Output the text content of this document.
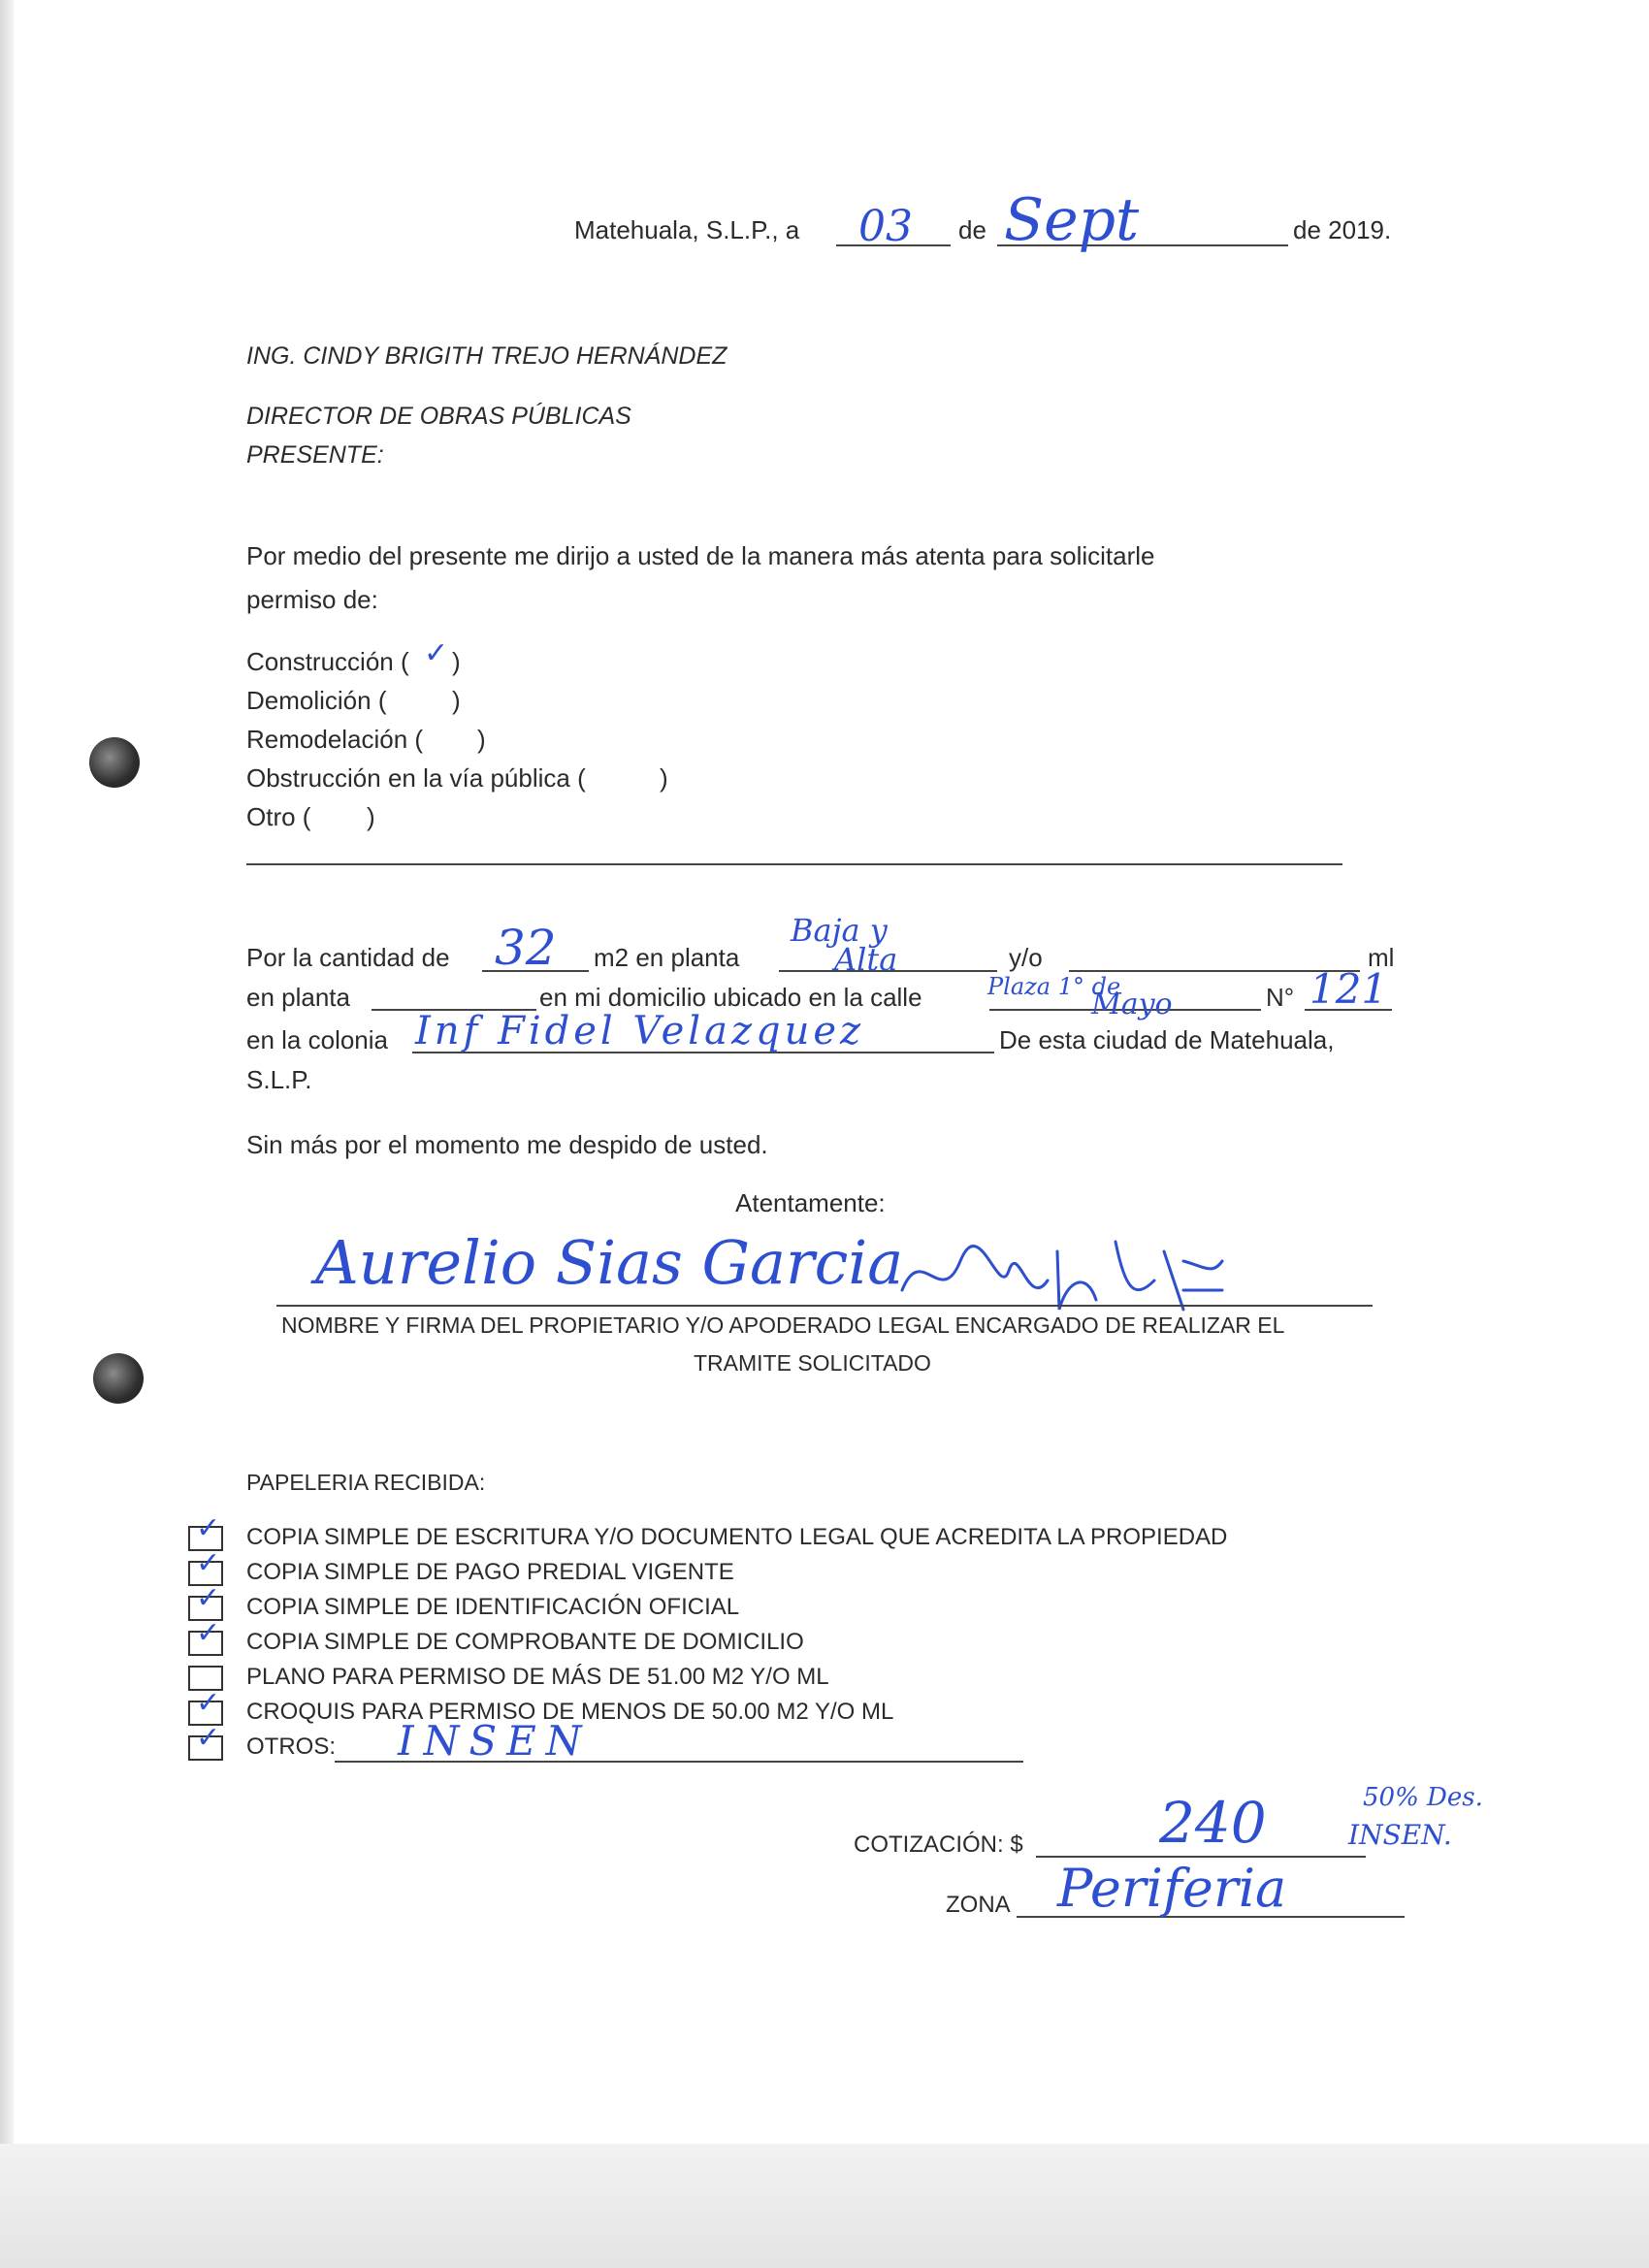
Matehuala, S.L.P., a 03 de Sept	de 2019.
ING. CINDY BRIGITH TREJO HERNÁNDEZ
DIRECTOR DE OBRAS PÚBLICAS
PRESENTE:
Por medio del presente me dirijo a usted de la manera más atenta para solicitarle
permiso de:
Construcción ( ✓ )
Demolición (	)
Remodelación ( )
Obstrucción en la vía pública (	)
Otro ( )
Por la cantidad de 32 m2 en planta
Baja y
Alta	y/o	ml
en planta	en mi domicilio ubicado en la calle	Plaza 1° de
Mayo	N° 121
en la colonia Inf Fidel Velazquez	De esta ciudad de Matehuala,
S.L.P.
Sin más por el momento me despido de usted.
Atentamente:
Aurelio Sias Garcia
NOMBRE Y FIRMA DEL PROPIETARIO Y/O APODERADO LEGAL ENCARGADO DE REALIZAR EL
TRAMITE SOLICITADO
PAPELERIA RECIBIDA:
✓ COPIA SIMPLE DE ESCRITURA Y/O DOCUMENTO LEGAL QUE ACREDITA LA PROPIEDAD
✓ COPIA SIMPLE DE PAGO PREDIAL VIGENTE
✓ COPIA SIMPLE DE IDENTIFICACIÓN OFICIAL
✓ COPIA SIMPLE DE COMPROBANTE DE DOMICILIO
PLANO PARA PERMISO DE MÁS DE 51.00 M2 Y/O ML
✓ CROQUIS PARA PERMISO DE MENOS DE 50.00 M2 Y/O ML
✓ OTROS: INSEN
COTIZACIÓN: $ 240	50% Des.
INSEN.
ZONA Periferia
